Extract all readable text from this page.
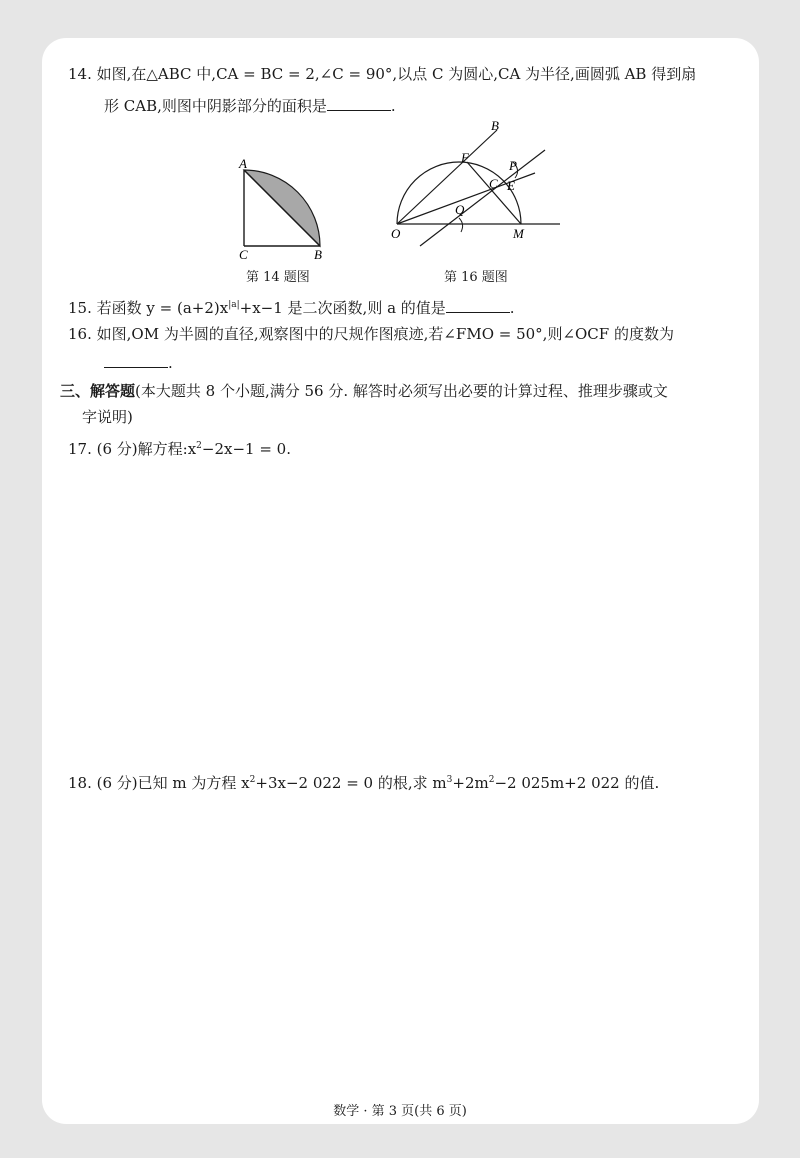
14. 如图,在△ABC 中,CA = BC = 2,∠C = 90°,以点 C 为圆心,CA 为半径,画圆弧 AB 得到扇
形 CAB,则图中阴影部分的面积是	.
A
C	B
第 14 题图
F
B
P
C E
Q
O	M
第 16 题图
15. 若函数 $y = (a+2)x^{|a|}+x-1$ 是二次函数,则 a 的值是	.
16. 如图,OM 为半圆的直径,观察图中的尺规作图痕迹,若∠FMO = 50°,则∠OCF 的度数为
.
三、解答题(本大题共 8 个小题,满分 56 分. 解答时必须写出必要的计算过程、推理步骤或文
字说明)
17. (6 分)解方程$:x^2-2x-1 = 0$.
18. (6 分)已知 m 为方程 $x^2+3x-2$ 022 = 0 的根,求 $m^3+2m^2-2$ 025m+2 022 的值.
数学 · 第 3 页(共 6 页)
